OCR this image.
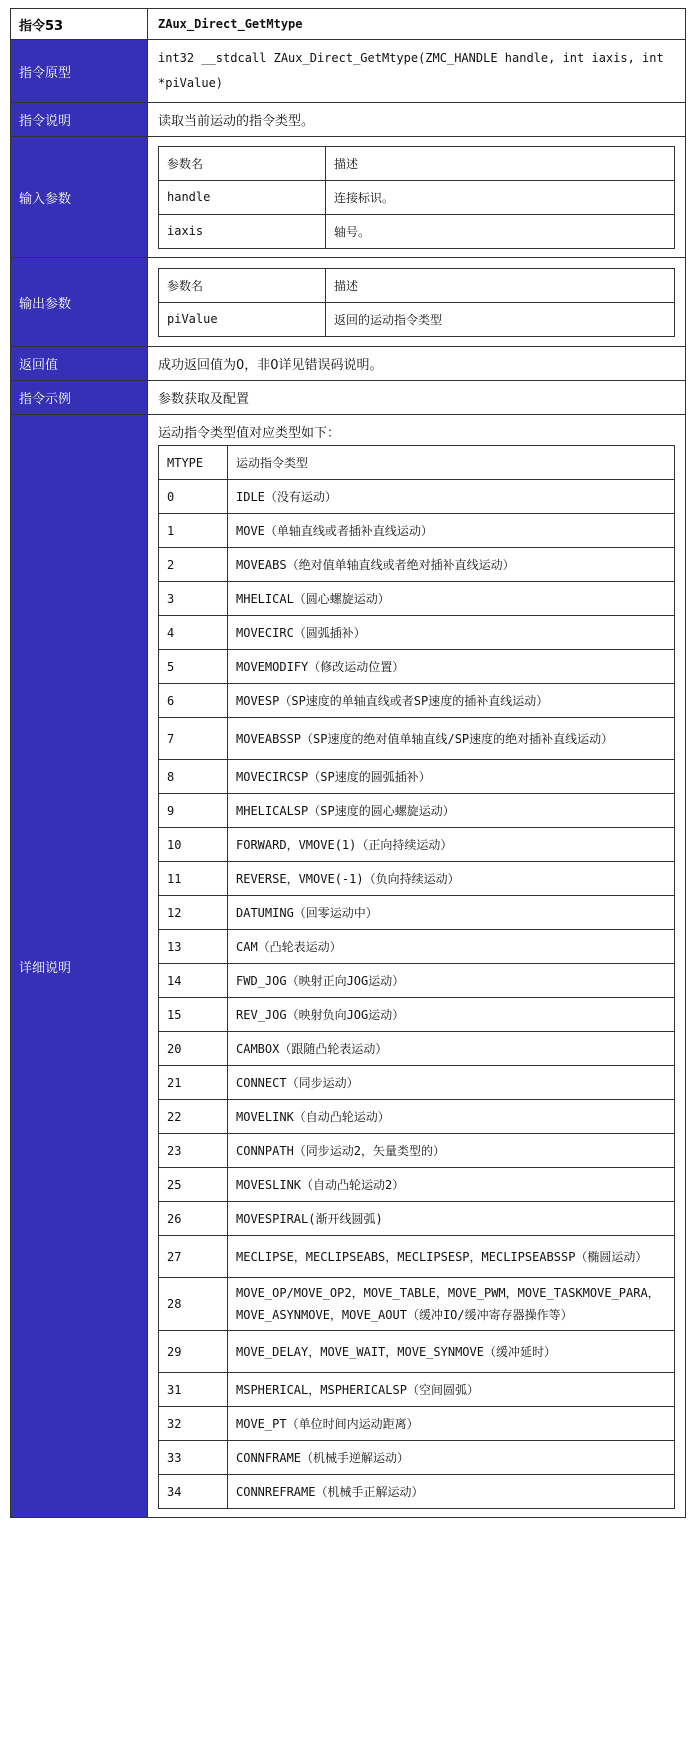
指令53	ZAux_Direct_GetMtype
指令原型	int32 __stdcall ZAux_Direct_GetMtype(ZMC_HANDLE handle, int iaxis, int *piValue)
指令说明	读取当前运动的指令类型。
输入参数	
参数名	描述
handle	连接标识。
iaxis	轴号。

输出参数	
参数名	描述
piValue	返回的运动指令类型

返回值	成功返回值为0，非0详见错误码说明。
指令示例	参数获取及配置
详细说明	
运动指令类型值对应类型如下：
MTYPE	运动指令类型
0	IDLE（没有运动）
1	MOVE（单轴直线或者插补直线运动）
2	MOVEABS（绝对值单轴直线或者绝对插补直线运动）
3	MHELICAL（圆心螺旋运动）
4	MOVECIRC（圆弧插补）
5	MOVEMODIFY（修改运动位置）
6	MOVESP（SP速度的单轴直线或者SP速度的插补直线运动）
7	MOVEABSSP（SP速度的绝对值单轴直线/SP速度的绝对插补直线运动）
8	MOVECIRCSP（SP速度的圆弧插补）
9	MHELICALSP（SP速度的圆心螺旋运动）
10	FORWARD，VMOVE(1)（正向持续运动）
11	REVERSE，VMOVE(-1)（负向持续运动）
12	DATUMING（回零运动中）
13	CAM（凸轮表运动）
14	FWD_JOG（映射正向JOG运动）
15	REV_JOG（映射负向JOG运动）
20	CAMBOX（跟随凸轮表运动）
21	CONNECT（同步运动）
22	MOVELINK（自动凸轮运动）
23	CONNPATH（同步运动2，矢量类型的）
25	MOVESLINK（自动凸轮运动2）
26	MOVESPIRAL(渐开线圆弧)
27	MECLIPSE，MECLIPSEABS，MECLIPSESP，MECLIPSEABSSP（椭圆运动）
28	MOVE_OP/MOVE_OP2，MOVE_TABLE，MOVE_PWM，MOVE_TASKMOVE_PARA，MOVE_ASYNMOVE，MOVE_AOUT（缓冲IO/缓冲寄存器操作等）
29	MOVE_DELAY，MOVE_WAIT，MOVE_SYNMOVE（缓冲延时）
31	MSPHERICAL，MSPHERICALSP（空间圆弧）
32	MOVE_PT（单位时间内运动距离）
33	CONNFRAME（机械手逆解运动）
34	CONNREFRAME（机械手正解运动）
